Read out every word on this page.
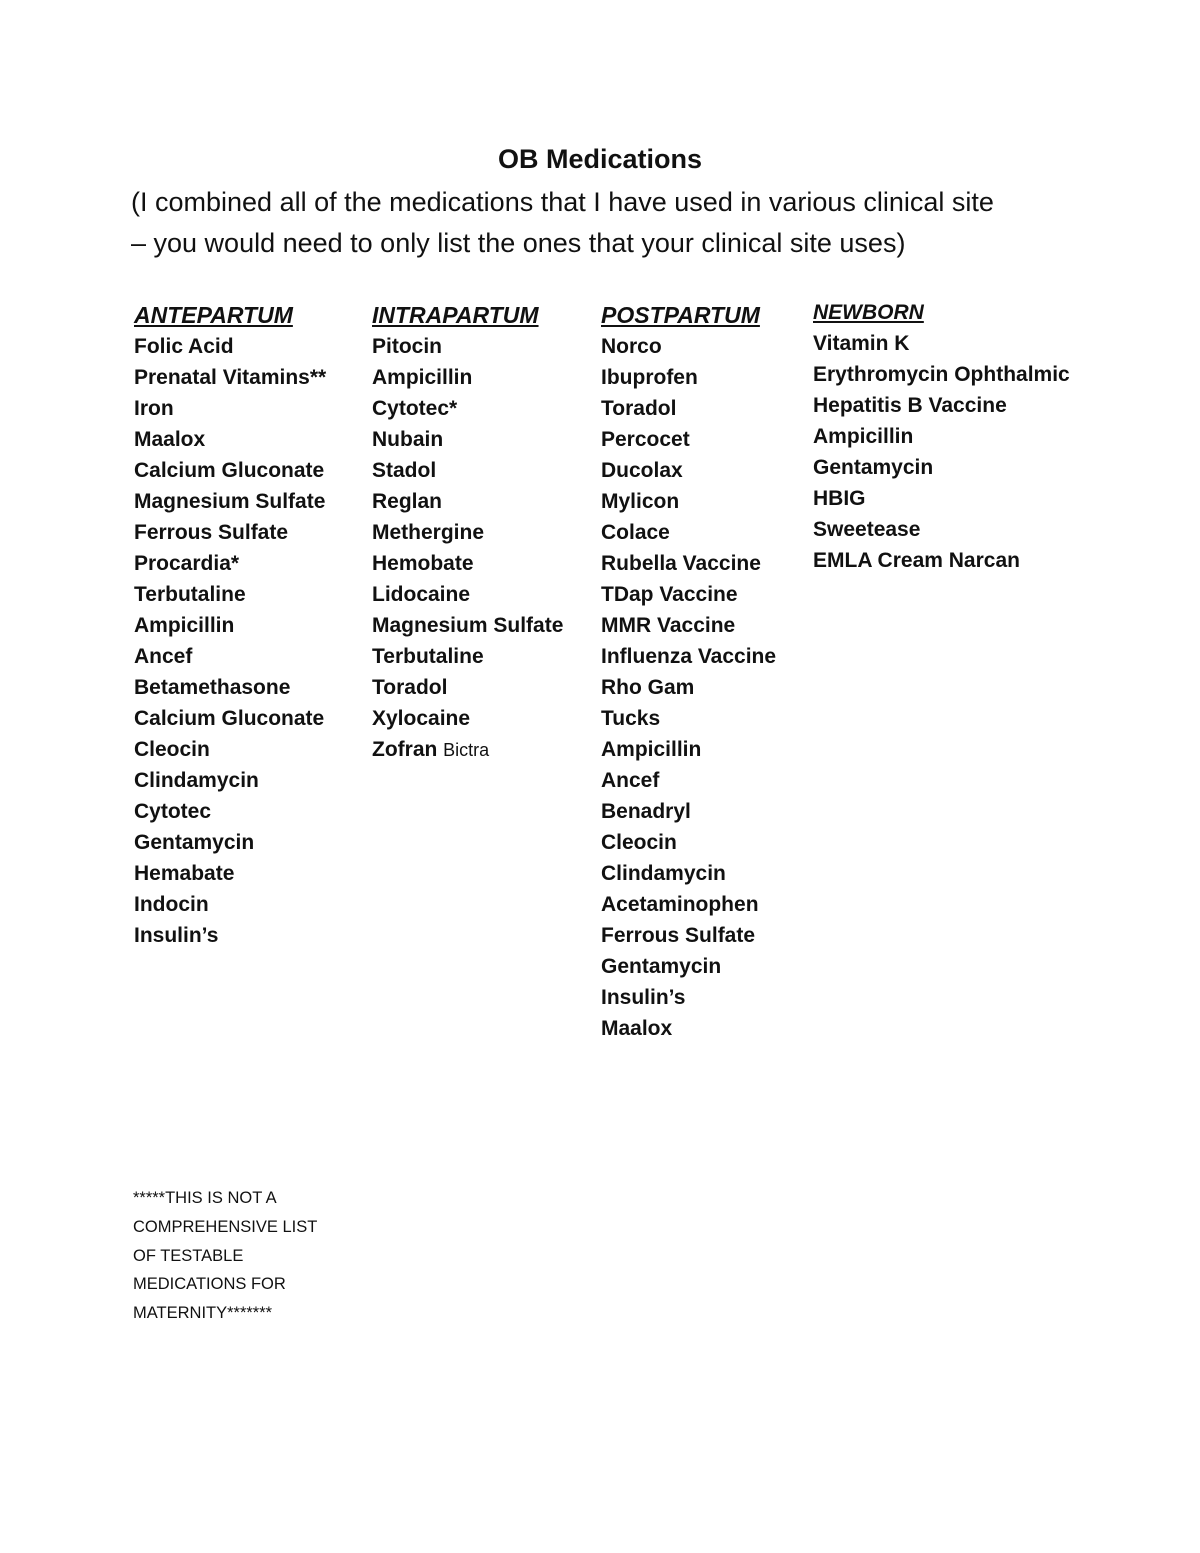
OB Medications
(I combined all of the medications that I have used in various clinical site
– you would need to only list the ones that your clinical site uses)
ANTEPARTUM
Folic Acid
Prenatal Vitamins**
Iron
Maalox
Calcium Gluconate
Magnesium Sulfate
Ferrous Sulfate
Procardia*
Terbutaline
Ampicillin
Ancef
Betamethasone
Calcium Gluconate
Cleocin
Clindamycin
Cytotec
Gentamycin
Hemabate
Indocin
Insulin’s
INTRAPARTUM
Pitocin
Ampicillin
Cytotec*
Nubain
Stadol
Reglan
Methergine
Hemobate
Lidocaine
Magnesium Sulfate
Terbutaline
Toradol
Xylocaine
Zofran Bictra
POSTPARTUM
Norco
Ibuprofen
Toradol
Percocet
Ducolax
Mylicon
Colace
Rubella Vaccine
TDap Vaccine
MMR Vaccine
Influenza Vaccine
Rho Gam
Tucks
Ampicillin
Ancef
Benadryl
Cleocin
Clindamycin
Acetaminophen
Ferrous Sulfate
Gentamycin
Insulin’s
Maalox
NEWBORN
Vitamin K
Erythromycin Ophthalmic
Hepatitis B Vaccine
Ampicillin
Gentamycin
HBIG
Sweetease
EMLA Cream Narcan
*****THIS IS NOT A
COMPREHENSIVE LIST
OF TESTABLE
MEDICATIONS FOR
MATERNITY*******
